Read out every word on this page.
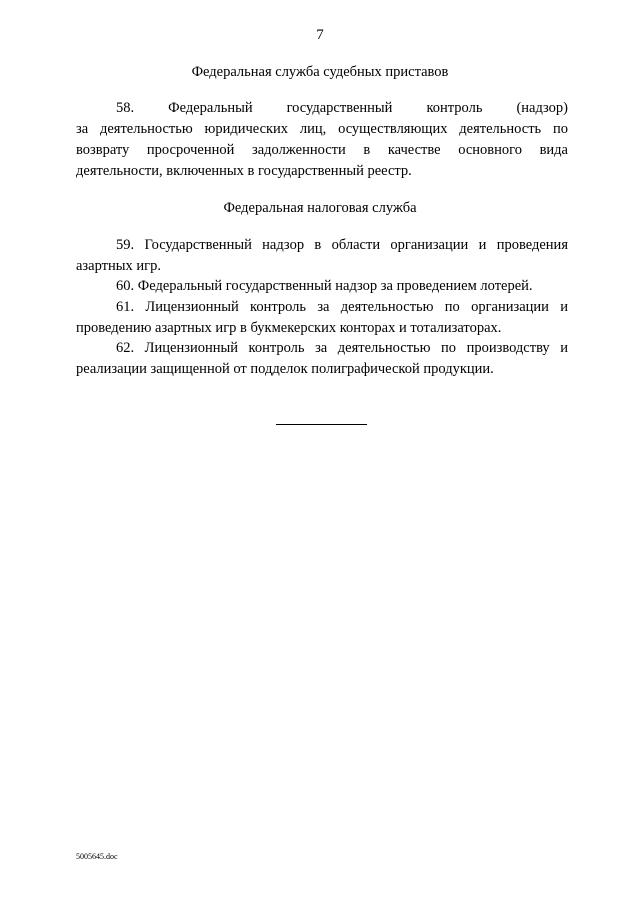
7
Федеральная служба судебных приставов

58. Федеральный государственный контроль (надзор)

за деятельностью юридических лиц, осуществляющих деятельность по возврату просроченной задолженности в качестве основного вида деятельности, включенных в государственный реестр.

Федеральная налоговая служба

59. Государственный надзор в области организации и проведения азартных игр.

60. Федеральный государственный надзор за проведением лотерей.

61. Лицензионный контроль за деятельностью по организации и проведению азартных игр в букмекерских конторах и тотализаторах.

62. Лицензионный контроль за деятельностью по производству и реализации защищенной от подделок полиграфической продукции.

5005645.doc
